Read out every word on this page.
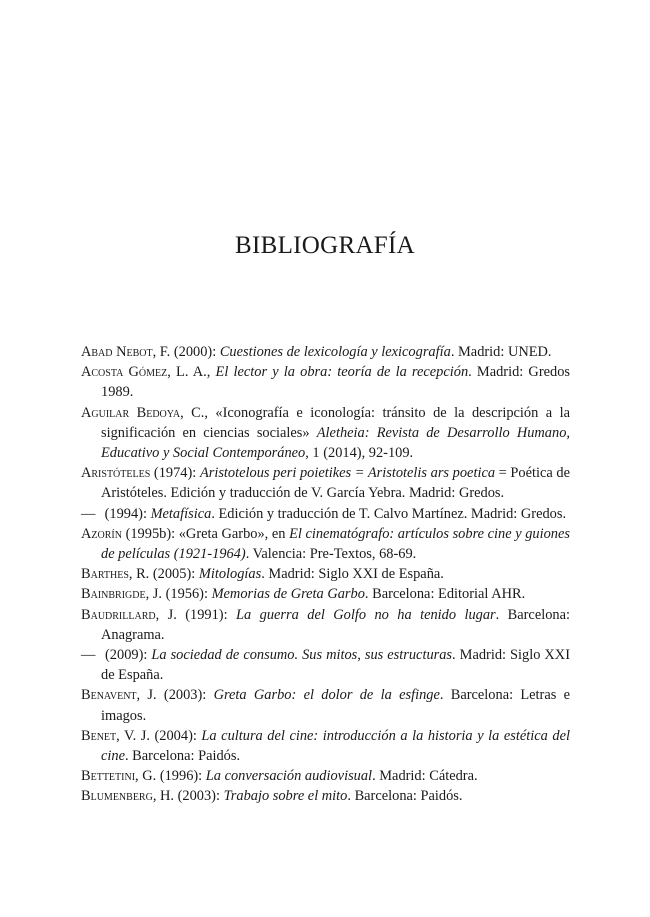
BIBLIOGRAFÍA
Abad Nebot, F. (2000): Cuestiones de lexicología y lexicografía. Madrid: UNED.
Acosta Gómez, L. A., El lector y la obra: teoría de la recepción. Madrid: Gredos 1989.
Aguilar Bedoya, C., «Iconografía e iconología: tránsito de la descripción a la significación en ciencias sociales» Aletheia: Revista de Desarrollo Humano, Educativo y Social Contemporáneo, 1 (2014), 92-109.
Aristóteles (1974): Aristotelous peri poietikes = Aristotelis ars poetica = Poética de Aristóteles. Edición y traducción de V. García Yebra. Madrid: Gredos.
— (1994): Metafísica. Edición y traducción de T. Calvo Martínez. Madrid: Gredos.
Azorín (1995b): «Greta Garbo», en El cinematógrafo: artículos sobre cine y guiones de películas (1921-1964). Valencia: Pre-Textos, 68-69.
Barthes, R. (2005): Mitologías. Madrid: Siglo XXI de España.
Bainbrigde, J. (1956): Memorias de Greta Garbo. Barcelona: Editorial AHR.
Baudrillard, J. (1991): La guerra del Golfo no ha tenido lugar. Barcelona: Anagrama.
— (2009): La sociedad de consumo. Sus mitos, sus estructuras. Madrid: Siglo XXI de España.
Benavent, J. (2003): Greta Garbo: el dolor de la esfinge. Barcelona: Letras e imagos.
Benet, V. J. (2004): La cultura del cine: introducción a la historia y la estética del cine. Barcelona: Paidós.
Bettetini, G. (1996): La conversación audiovisual. Madrid: Cátedra.
Blumenberg, H. (2003): Trabajo sobre el mito. Barcelona: Paidós.
